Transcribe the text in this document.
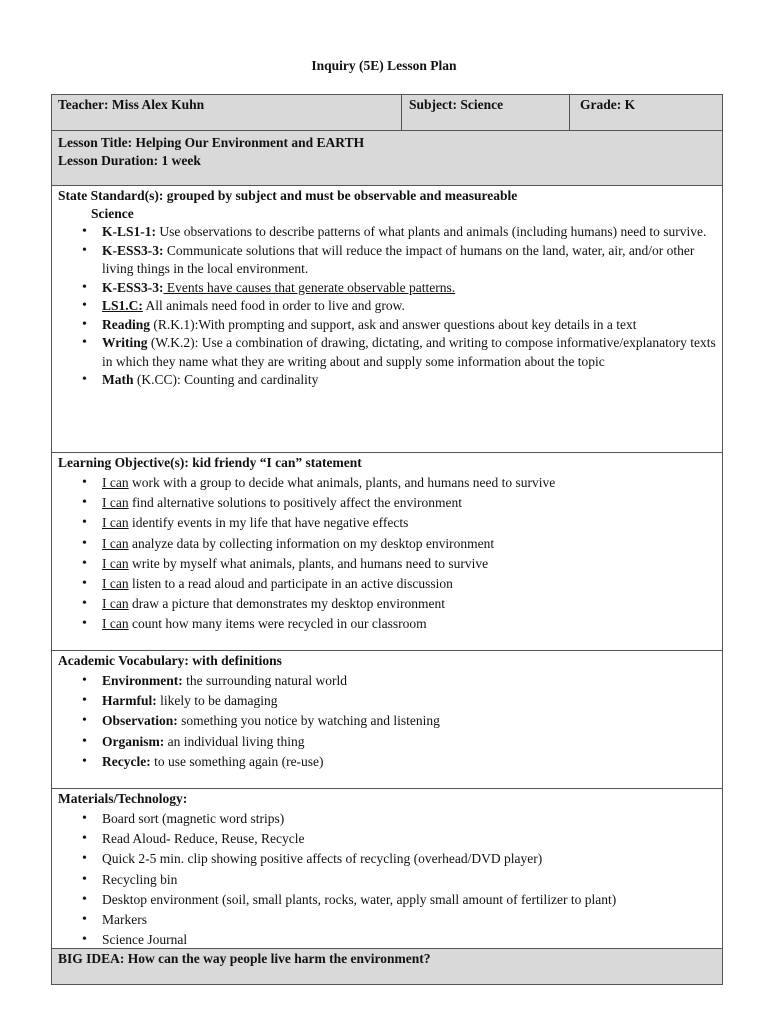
Inquiry (5E) Lesson Plan
Teacher: Miss Alex Kuhn	Subject: Science	Grade: K
Lesson Title: Helping Our Environment and EARTH
Lesson Duration: 1 week
State Standard(s): grouped by subject and must be observable and measureable
Science
• K-LS1-1: Use observations to describe patterns of what plants and animals (including humans) need to survive.
• K-ESS3-3: Communicate solutions that will reduce the impact of humans on the land, water, air, and/or other living things in the local environment.
• K-ESS3-3: Events have causes that generate observable patterns.
• LS1.C: All animals need food in order to live and grow.
• Reading (R.K.1):With prompting and support, ask and answer questions about key details in a text
• Writing (W.K.2): Use a combination of drawing, dictating, and writing to compose informative/explanatory texts in which they name what they are writing about and supply some information about the topic
• Math (K.CC): Counting and cardinality
Learning Objective(s): kid friendy “I can” statement
• I can work with a group to decide what animals, plants, and humans need to survive
• I can find alternative solutions to positively affect the environment
• I can identify events in my life that have negative effects
• I can analyze data by collecting information on my desktop environment
• I can write by myself what animals, plants, and humans need to survive
• I can listen to a read aloud and participate in an active discussion
• I can draw a picture that demonstrates my desktop environment
• I can count how many items were recycled in our classroom
Academic Vocabulary: with definitions
• Environment: the surrounding natural world
• Harmful: likely to be damaging
• Observation: something you notice by watching and listening
• Organism: an individual living thing
• Recycle: to use something again (re-use)
Materials/Technology:
• Board sort (magnetic word strips)
• Read Aloud- Reduce, Reuse, Recycle
• Quick 2-5 min. clip showing positive affects of recycling (overhead/DVD player)
• Recycling bin
• Desktop environment (soil, small plants, rocks, water, apply small amount of fertilizer to plant)
• Markers
• Science Journal
BIG IDEA: How can the way people live harm the environment?
